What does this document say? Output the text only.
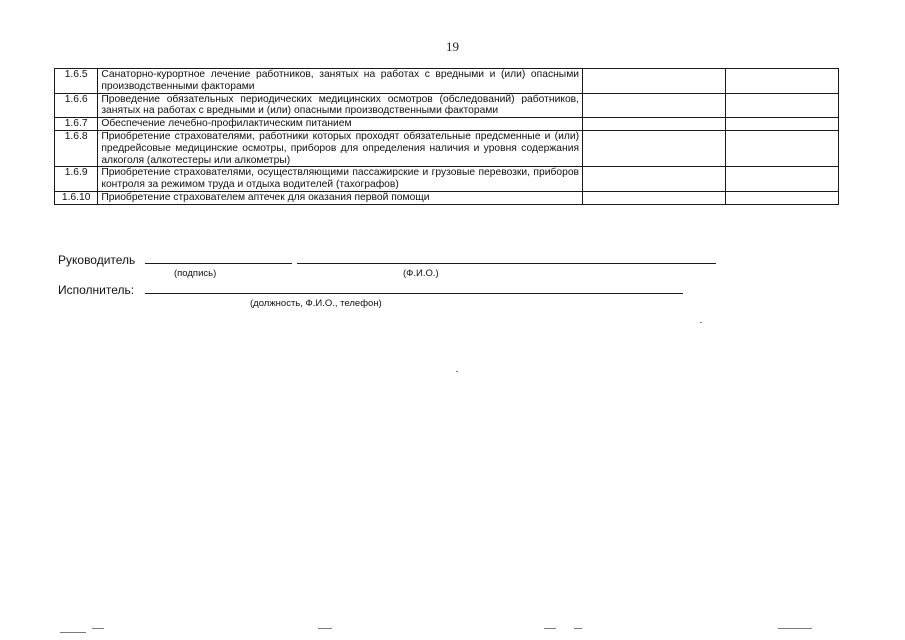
19
1.6.5	Санаторно-курортное лечение работников, занятых на работах с вредными и (или) опасными производственными факторами		
1.6.6	Проведение обязательных периодических медицинских осмотров (обследований) работников, занятых на работах с вредными и (или) опасными производственными факторами		
1.6.7	Обеспечение лечебно-профилактическим питанием		
1.6.8	Приобретение страхователями, работники которых проходят обязательные предсменные и (или) предрейсовые медицинские осмотры, приборов для определения наличия и уровня содержания алкоголя (алкотестеры или алкометры)		
1.6.9	Приобретение страхователями, осуществляющими пассажирские и грузовые перевозки, приборов контроля за режимом труда и отдыха водителей (тахографов)		
1.6.10	Приобретение страхователем аптечек для оказания первой помощи		
Руководитель
(подпись)	(Ф.И.О.)
Исполнитель:
(должность, Ф.И.О., телефон)
